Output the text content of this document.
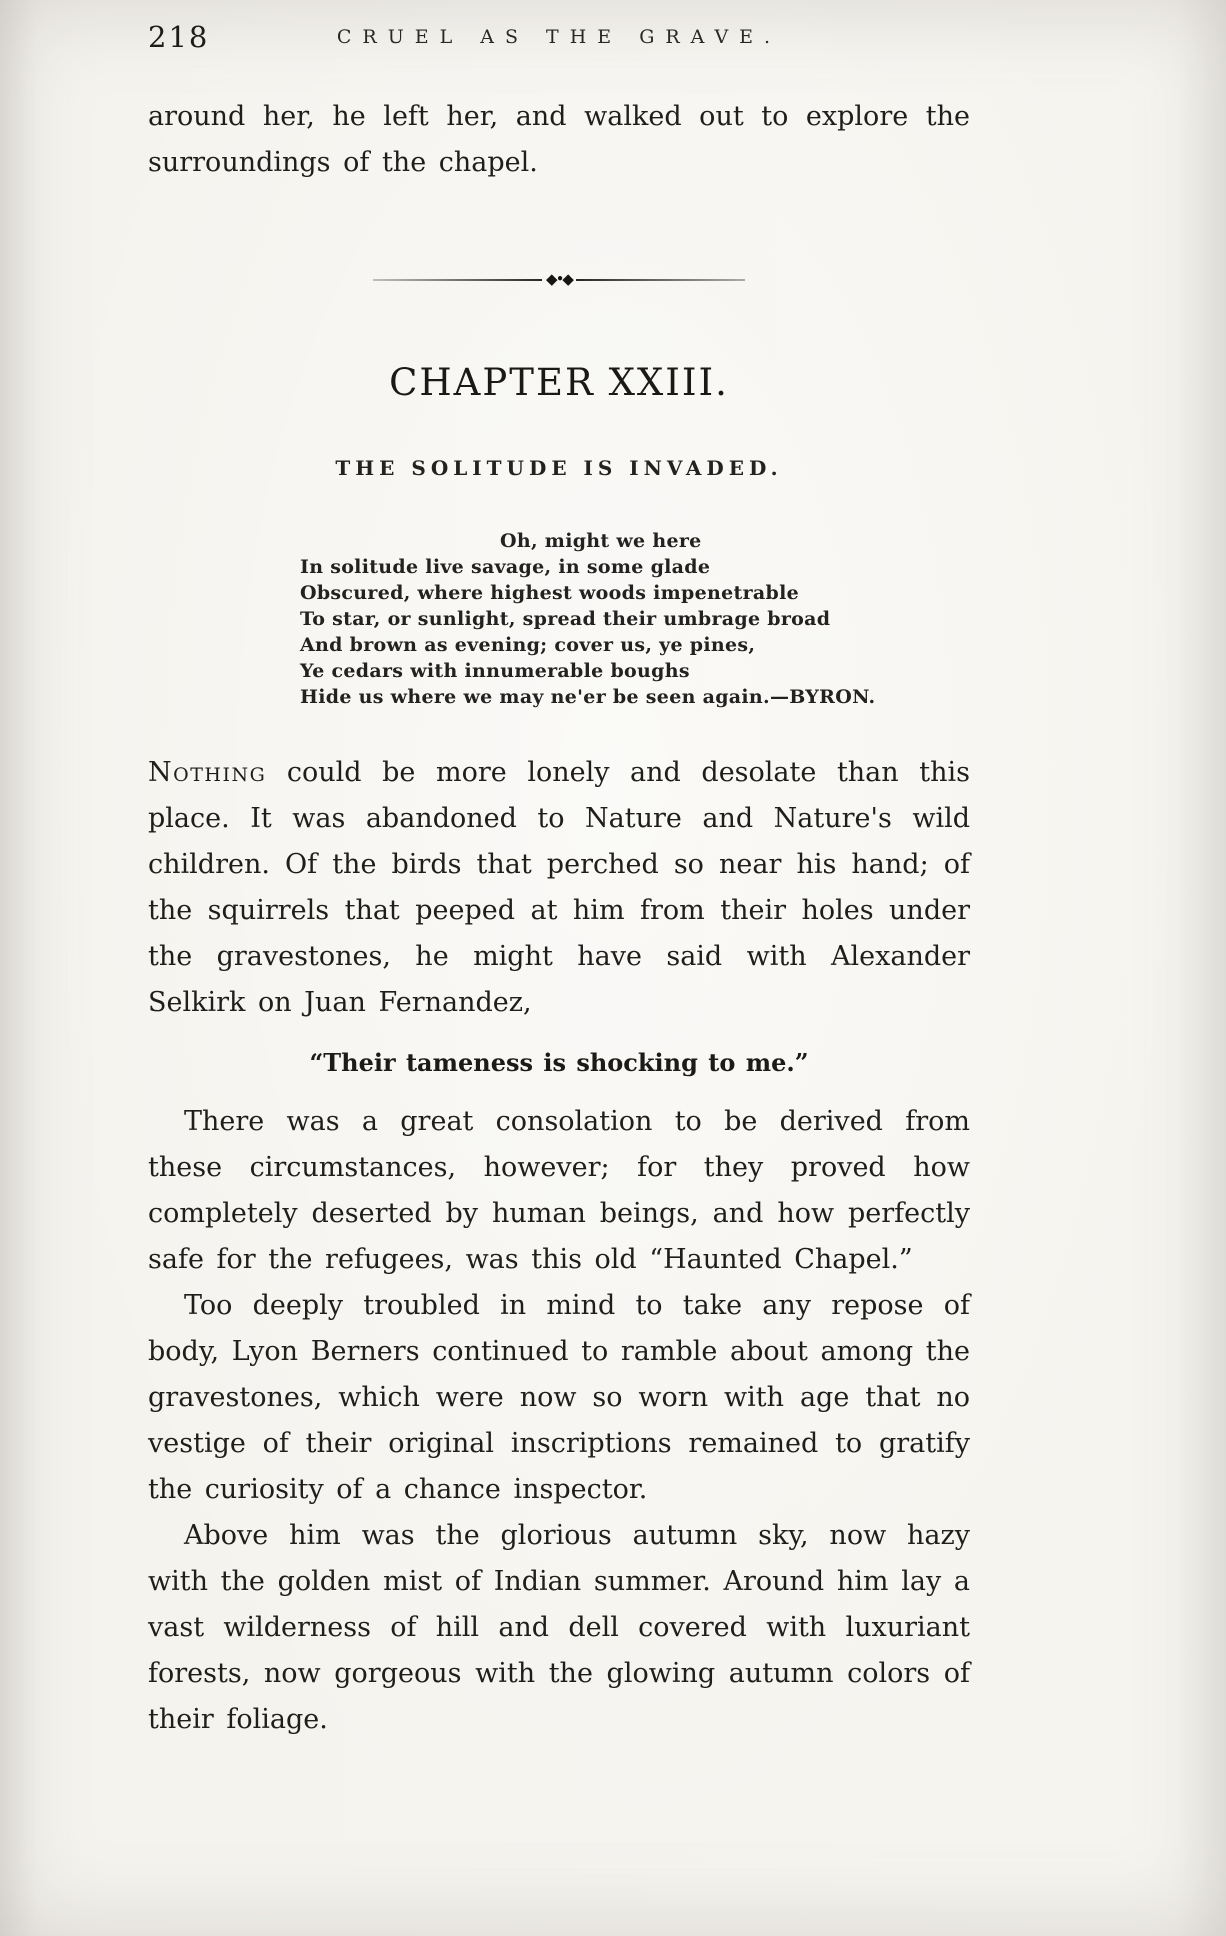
218	CRUEL AS THE GRAVE.

around her, he left her, and walked out to explore the surroundings of the chapel.

◆•◆
CHAPTER XXIII.
THE SOLITUDE IS INVADED.
Oh, might we here
In solitude live savage, in some glade
Obscured, where highest woods impenetrable
To star, or sunlight, spread their umbrage broad
And brown as evening; cover us, ye pines,
Ye cedars with innumerable boughs
Hide us where we may ne'er be seen again.—BYRON.

Nothing could be more lonely and desolate than this place. It was abandoned to Nature and Nature's wild children. Of the birds that perched so near his hand; of the squirrels that peeped at him from their holes under the gravestones, he might have said with Alexander Selkirk on Juan Fernandez,

“Their tameness is shocking to me.”

There was a great consolation to be derived from these circumstances, however; for they proved how completely deserted by human beings, and how perfectly safe for the refugees, was this old “Haunted Chapel.”

Too deeply troubled in mind to take any repose of body, Lyon Berners continued to ramble about among the gravestones, which were now so worn with age that no vestige of their original inscriptions remained to gratify the curiosity of a chance inspector.

Above him was the glorious autumn sky, now hazy with the golden mist of Indian summer. Around him lay a vast wilderness of hill and dell covered with luxuriant forests, now gorgeous with the glowing autumn colors of their foliage.
